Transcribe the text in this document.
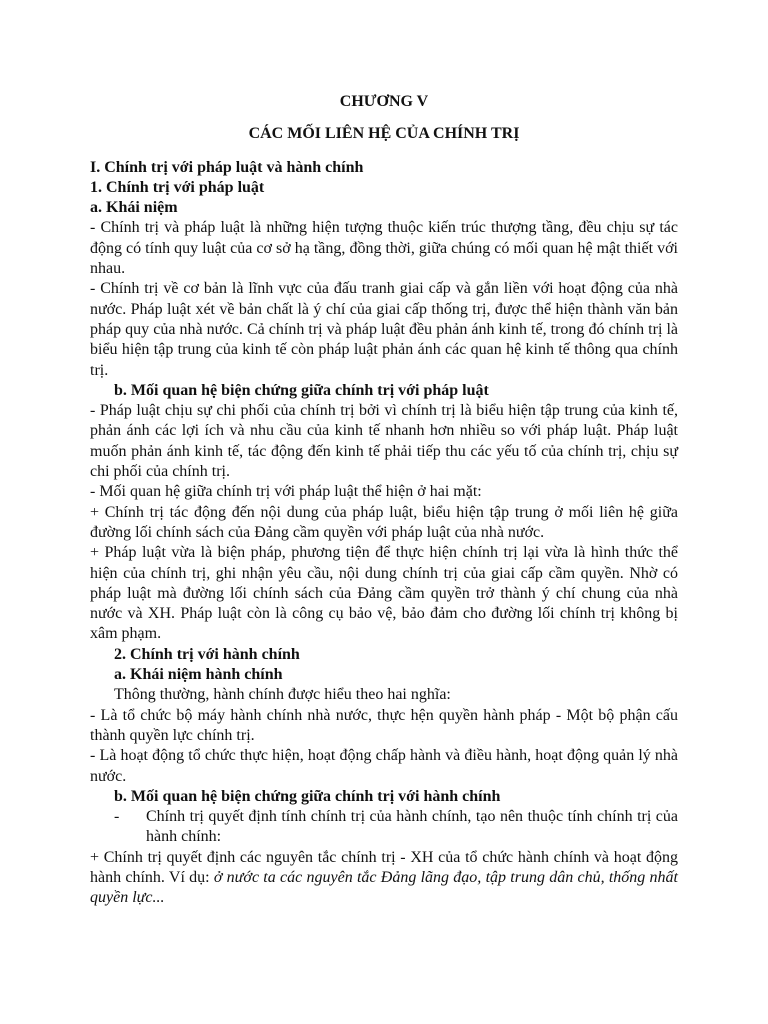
CHƯƠNG V
CÁC MỐI LIÊN HỆ CỦA CHÍNH TRỊ
I. Chính trị với pháp luật và hành chính
1. Chính trị với pháp luật
a. Khái niệm

- Chính trị và pháp luật là những hiện tượng thuộc kiến trúc thượng tầng, đều chịu sự tác động có tính quy luật của cơ sở hạ tầng, đồng thời, giữa chúng có mối quan hệ mật thiết với nhau.

- Chính trị về cơ bản là lĩnh vực của đấu tranh giai cấp và gắn liền với hoạt động của nhà nước. Pháp luật xét về bản chất là ý chí của giai cấp thống trị, được thể hiện thành văn bản pháp quy của nhà nước. Cả chính trị và pháp luật đều phản ánh kinh tế, trong đó chính trị là biểu hiện tập trung của kinh tế còn pháp luật phản ánh các quan hệ kinh tế thông qua chính trị.

b. Mối quan hệ biện chứng giữa chính trị với pháp luật

- Pháp luật chịu sự chi phối của chính trị bởi vì chính trị là biểu hiện tập trung của kinh tế, phản ánh các lợi ích và nhu cầu của kinh tế nhanh hơn nhiều so với pháp luật. Pháp luật muốn phản ánh kinh tế, tác động đến kinh tế phải tiếp thu các yếu tố của chính trị, chịu sự chi phối của chính trị.

- Mối quan hệ giữa chính trị với pháp luật thể hiện ở hai mặt:

+ Chính trị tác động đến nội dung của pháp luật, biểu hiện tập trung ở mối liên hệ giữa đường lối chính sách của Đảng cầm quyền với pháp luật của nhà nước.

+ Pháp luật vừa là biện pháp, phương tiện để thực hiện chính trị lại vừa là hình thức thể hiện của chính trị, ghi nhận yêu cầu, nội dung chính trị của giai cấp cầm quyền. Nhờ có pháp luật mà đường lối chính sách của Đảng cầm quyền trở thành ý chí chung của nhà nước và XH. Pháp luật còn là công cụ bảo vệ, bảo đảm cho đường lối chính trị không bị xâm phạm.

2. Chính trị với hành chính
a. Khái niệm hành chính

Thông thường, hành chính được hiểu theo hai nghĩa:

- Là tổ chức bộ máy hành chính nhà nước, thực hện quyền hành pháp - Một bộ phận cấu thành quyền lực chính trị.

- Là hoạt động tổ chức thực hiện, hoạt động chấp hành và điều hành, hoạt động quản lý nhà nước.

b. Mối quan hệ biện chứng giữa chính trị với hành chính
-	Chính trị quyết định tính chính trị của hành chính, tạo nên thuộc tính chính trị của hành chính:

+ Chính trị quyết định các nguyên tắc chính trị - XH của tổ chức hành chính và hoạt động hành chính. Ví dụ: ở nước ta các nguyên tắc Đảng lãng đạo, tập trung dân chủ, thống nhất quyền lực...
